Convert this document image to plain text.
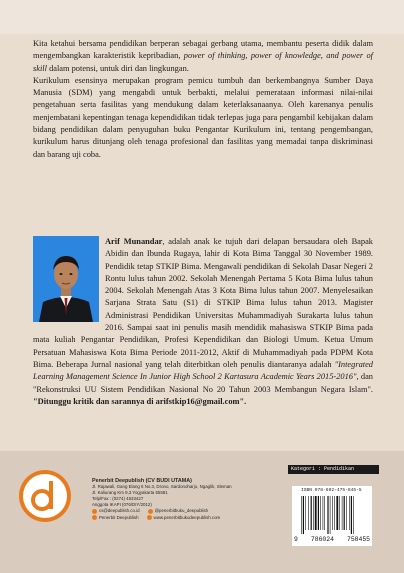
Kita ketahui bersama pendidikan berperan sebagai gerbang utama, membantu peserta didik dalam mengembangkan karakteristik kepribadian, power of thinking, power of knowledge, and power of skill dalam potensi, untuk diri dan lingkungan.

Kurikulum esensinya merupakan program pemicu tumbuh dan berkembangnya Sumber Daya Manusia (SDM) yang mengabdi untuk berbakti, melalui pemerataan informasi nilai-nilai pengetahuan serta fasilitas yang mendukung dalam keterlaksanaanya. Oleh karenanya penulis menjembatani kepentingan tenaga kependidikan tidak terlepas juga para pengambil kebijakan dalam bidang pendidikan dalam penyuguhan buku Pengantar Kurikulum ini, tentang pengembangan, kurikulum harus ditunjang oleh tenaga profesional dan fasilitas yang memadai tanpa diskriminasi dan barang uji coba.

Arif Munandar, adalah anak ke tujuh dari delapan bersaudara oleh Bapak Abidin dan Ibunda Rugaya, lahir di Kota Bima Tanggal 30 November 1989. Pendidik tetap STKIP Bima. Mengawali pendidikan di Sekolah Dasar Negeri 2 Rontu lulus tahun 2002. Sekolah Menengah Pertama 5 Kota Bima lulus tahun 2004. Sekolah Menengah Atas 3 Kota Bima lulus tahun 2007. Menyelesaikan Sarjana Strata Satu (S1) di STKIP Bima lulus tahun 2013. Magister Administrasi Pendidikan Universitas Muhammadiyah Surakarta lulus tahun 2016. Sampai saat ini penulis masih mendidik mahasiswa STKIP Bima pada mata kuliah Pengantar Pendidikan, Profesi Kependidikan dan Biologi Umum. Ketua Umum Persatuan Mahasiswa Kota Bima Periode 2011-2012, Aktif di Muhammadiyah pada PDPM Kota Bima. Beberapa Jurnal nasional yang telah diterbitkan oleh penulis diantaranya adalah "Integrated Learning Management Science In Junior High School 2 Kartasura Academic Years 2015-2016", dan "Rekonstruksi UU Sistem Pendidikan Nasional No 20 Tahun 2003 Membangun Negara Islam". "Ditunggu kritik dan sarannya di arifstkip16@gmail.com".
Penerbit Deepublish (CV BUDI UTAMA)
Jl. Rajawali, Gang Elang 6 No.3, Drono, Sardonoharjo, Ngaglik, Sleman
Jl. Kaliurang Km 9,3 Yogyakarta 55581
Telp/Fax : (0274) 4533427
Anggota IKAPI (076/DIY/2012)
cs@deepublish.co.id	@penerbitbuku_deepublish
Penerbit Deepublish	www.penerbitbukudeepublish.com
Kategori : Pendidikan
ISBN 978-602-475-845-5
9 786024 758455
